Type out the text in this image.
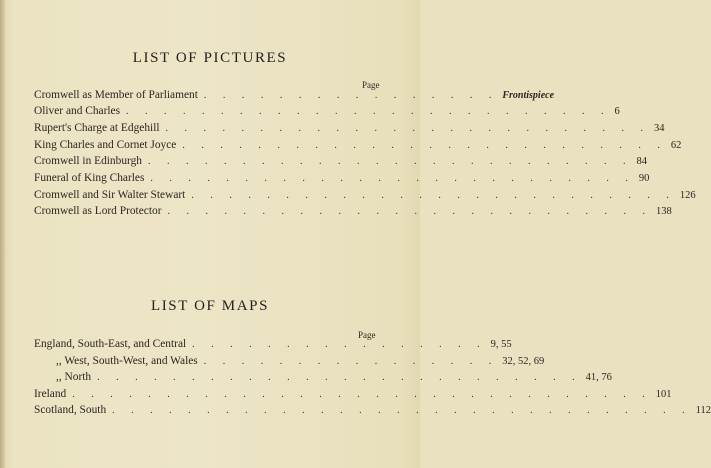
LIST OF PICTURES
Page
Cromwell as Member of Parliament . . . . . . . . . . . . . . . . Frontispiece
Oliver and Charles . . . . . . . . . . . . . . . . . . . . . . . . . . 6
Rupert's Charge at Edgehill . . . . . . . . . . . . . . . . . . . . . . . . . . 34
King Charles and Cornet Joyce . . . . . . . . . . . . . . . . . . . . . . . . . . 62
Cromwell in Edinburgh . . . . . . . . . . . . . . . . . . . . . . . . . . 84
Funeral of King Charles . . . . . . . . . . . . . . . . . . . . . . . . . . 90
Cromwell and Sir Walter Stewart . . . . . . . . . . . . . . . . . . . . . . . . . . 126
Cromwell as Lord Protector . . . . . . . . . . . . . . . . . . . . . . . . . . 138
LIST OF MAPS
Page
England, South-East, and Central . . . . . . . . . . . . . . . . 9, 55
,, West, South-West, and Wales . . . . . . . . . . . . . . . . 32, 52, 69
,, North . . . . . . . . . . . . . . . . . . . . . . . . . . 41, 76
Ireland . . . . . . . . . . . . . . . . . . . . . . . . . . . . . . . 101
Scotland, South . . . . . . . . . . . . . . . . . . . . . . . . . . . . . . . 112
